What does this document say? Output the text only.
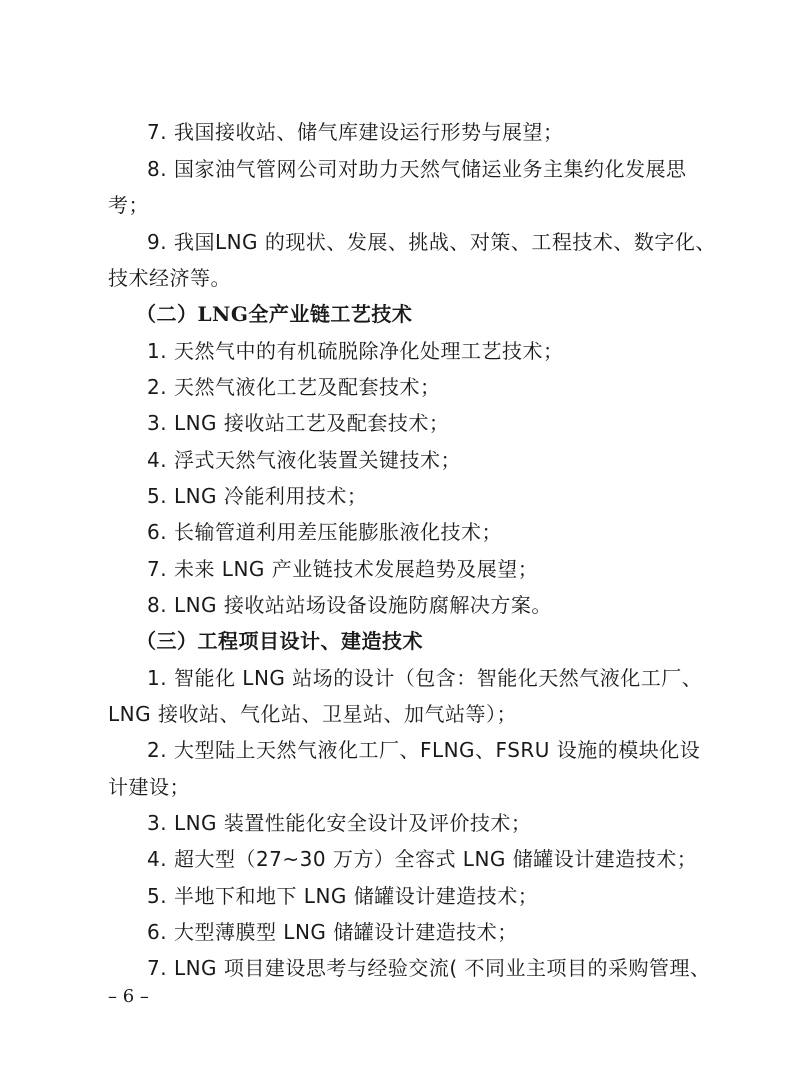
7. 我国接收站、储气库建设运行形势与展望；
8. 国家油气管网公司对助力天然气储运业务主集约化发展思
考；
9. 我国LNG 的现状、发展、挑战、对策、工程技术、数字化、
技术经济等。
（二）LNG全产业链工艺技术
1. 天然气中的有机硫脱除净化处理工艺技术；
2. 天然气液化工艺及配套技术；
3. LNG 接收站工艺及配套技术；
4. 浮式天然气液化装置关键技术；
5. LNG 冷能利用技术；
6. 长输管道利用差压能膨胀液化技术；
7. 未来 LNG 产业链技术发展趋势及展望；
8. LNG 接收站站场设备设施防腐解决方案。
（三）工程项目设计、建造技术
1. 智能化 LNG 站场的设计（包含：智能化天然气液化工厂、
LNG 接收站、气化站、卫星站、加气站等）；
2. 大型陆上天然气液化工厂、FLNG、FSRU 设施的模块化设
计建设；
3. LNG 装置性能化安全设计及评价技术；
4. 超大型（27~30 万方）全容式 LNG 储罐设计建造技术；
5. 半地下和地下 LNG 储罐设计建造技术；
6. 大型薄膜型 LNG 储罐设计建造技术；
7. LNG 项目建设思考与经验交流( 不同业主项目的采购管理、
– 6 –
